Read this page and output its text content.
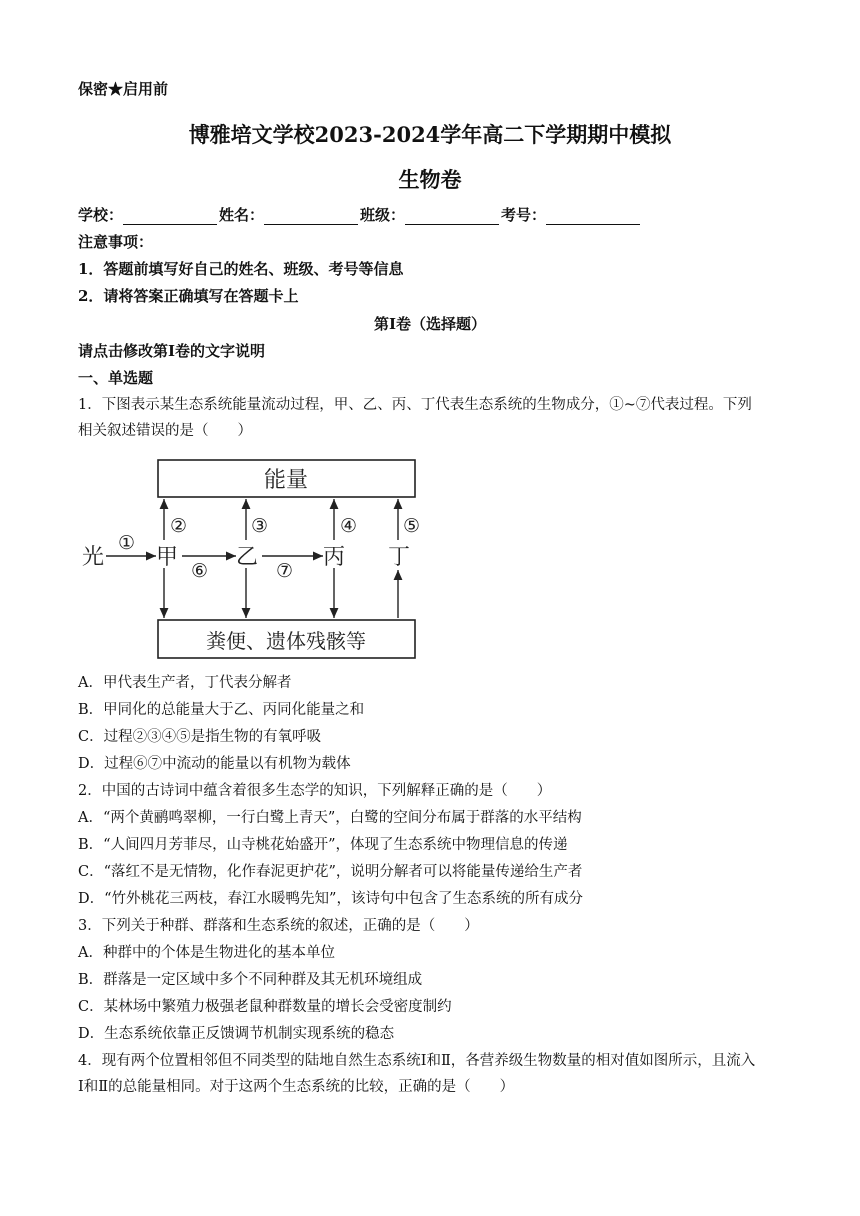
保密★启用前
博雅培文学校2023-2024学年高二下学期期中模拟
生物卷
学校：	姓名：	班级：	考号：
注意事项：
1．答题前填写好自己的姓名、班级、考号等信息
2．请将答案正确填写在答题卡上
第I卷（选择题）
请点击修改第I卷的文字说明
一、单选题
1．下图表示某生态系统能量流动过程，甲、乙、丙、丁代表生态系统的生物成分，①~⑦代表过程。下列
相关叙述错误的是（　　）
能量
粪便、遗体残骸等
光 甲	乙	丙 丁
①
⑥	⑦
②	③	④ ⑤
A．甲代表生产者，丁代表分解者
B．甲同化的总能量大于乙、丙同化能量之和
C．过程②③④⑤是指生物的有氧呼吸
D．过程⑥⑦中流动的能量以有机物为载体
2．中国的古诗词中蕴含着很多生态学的知识，下列解释正确的是（　　）
A．“两个黄鹂鸣翠柳，一行白鹭上青天”，白鹭的空间分布属于群落的水平结构
B．“人间四月芳菲尽，山寺桃花始盛开”，体现了生态系统中物理信息的传递
C．“落红不是无情物，化作春泥更护花”，说明分解者可以将能量传递给生产者
D．“竹外桃花三两枝，春江水暖鸭先知”，该诗句中包含了生态系统的所有成分
3．下列关于种群、群落和生态系统的叙述，正确的是（　　）
A．种群中的个体是生物进化的基本单位
B．群落是一定区域中多个不同种群及其无机环境组成
C．某林场中繁殖力极强老鼠种群数量的增长会受密度制约
D．生态系统依靠正反馈调节机制实现系统的稳态
4．现有两个位置相邻但不同类型的陆地自然生态系统Ⅰ和Ⅱ，各营养级生物数量的相对值如图所示，且流入
Ⅰ和Ⅱ的总能量相同。对于这两个生态系统的比较，正确的是（　　）
